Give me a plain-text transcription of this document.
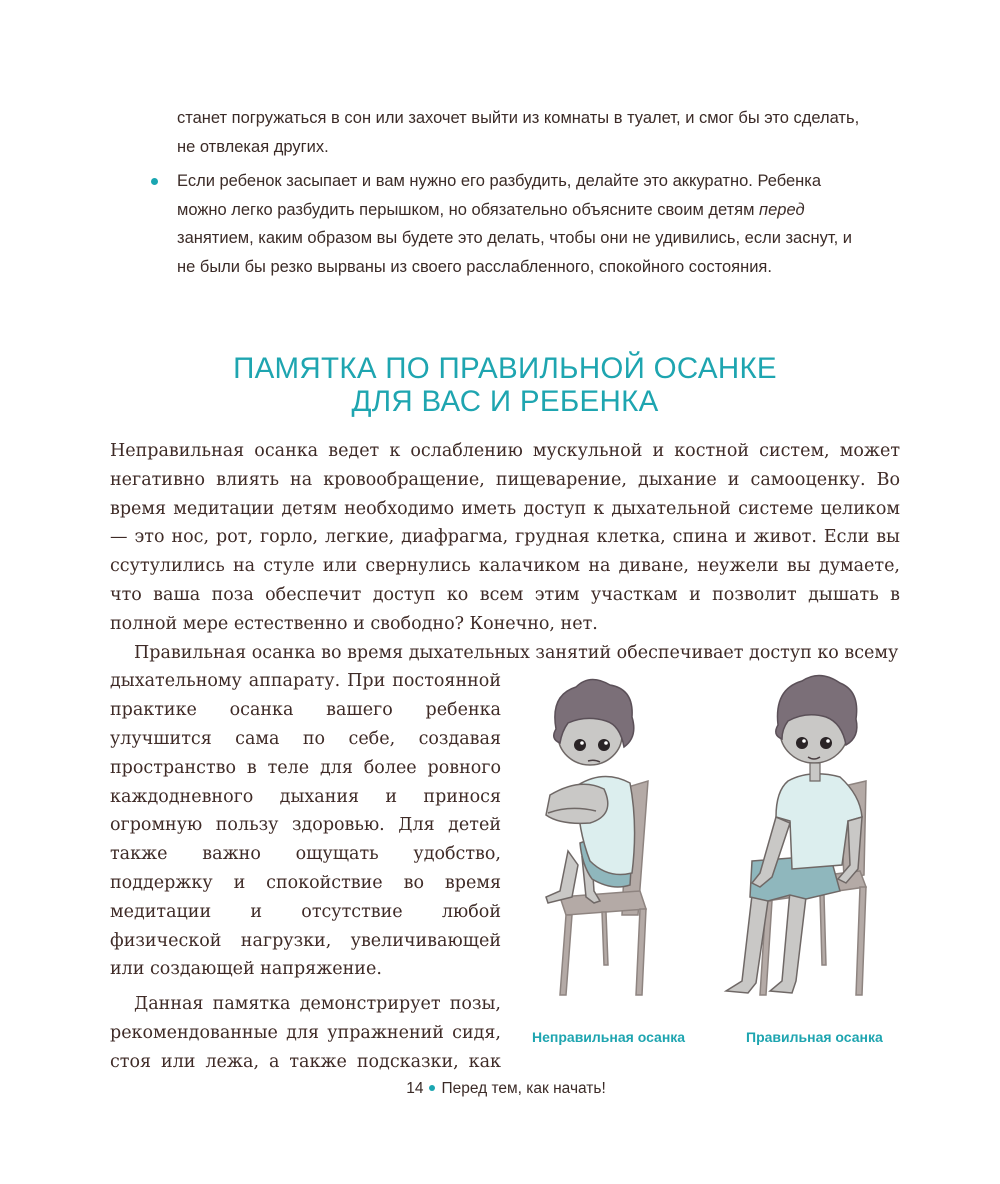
станет погружаться в сон или захочет выйти из комнаты в туалет, и смог бы это сделать, не отвлекая других.

Если ребенок засыпает и вам нужно его разбудить, делайте это аккуратно. Ребенка можно легко разбудить перышком, но обязательно объясните своим детям перед занятием, каким образом вы будете это делать, чтобы они не удивились, если заснут, и не были бы резко вырваны из своего расслабленного, спокойного состояния.
ПАМЯТКА ПО ПРАВИЛЬНОЙ ОСАНКЕ
ДЛЯ ВАС И РЕБЕНКА

Неправильная осанка ведет к ослаблению мускульной и костной систем, может негативно влиять на кровообращение, пищеварение, дыхание и самооценку. Во время медитации детям необходимо иметь доступ к дыхательной системе целиком — это нос, рот, горло, легкие, диафрагма, грудная клетка, спина и живот. Если вы ссутулились на стуле или свернулись калачиком на диване, неужели вы думаете, что ваша поза обеспечит доступ ко всем этим участкам и позволит дышать в полной мере естественно и свободно? Конечно, нет.

Правильная осанка во время дыхательных занятий обеспечивает доступ ко всему

дыхательному аппарату. При постоянной практике осанка вашего ребенка улучшится сама по себе, создавая пространство в теле для более ровного каждодневного дыхания и принося огромную пользу здоровью. Для детей также важно ощущать удобство, поддержку и спокойствие во время медитации и отсутствие любой физической нагрузки, увеличивающей или создающей напряжение.

Данная памятка демонстрирует позы, рекомендованные для упражнений сидя, стоя или лежа, а также подсказки, как

Неправильная осанка	Правильная осанка
14 Перед тем, как начать!
